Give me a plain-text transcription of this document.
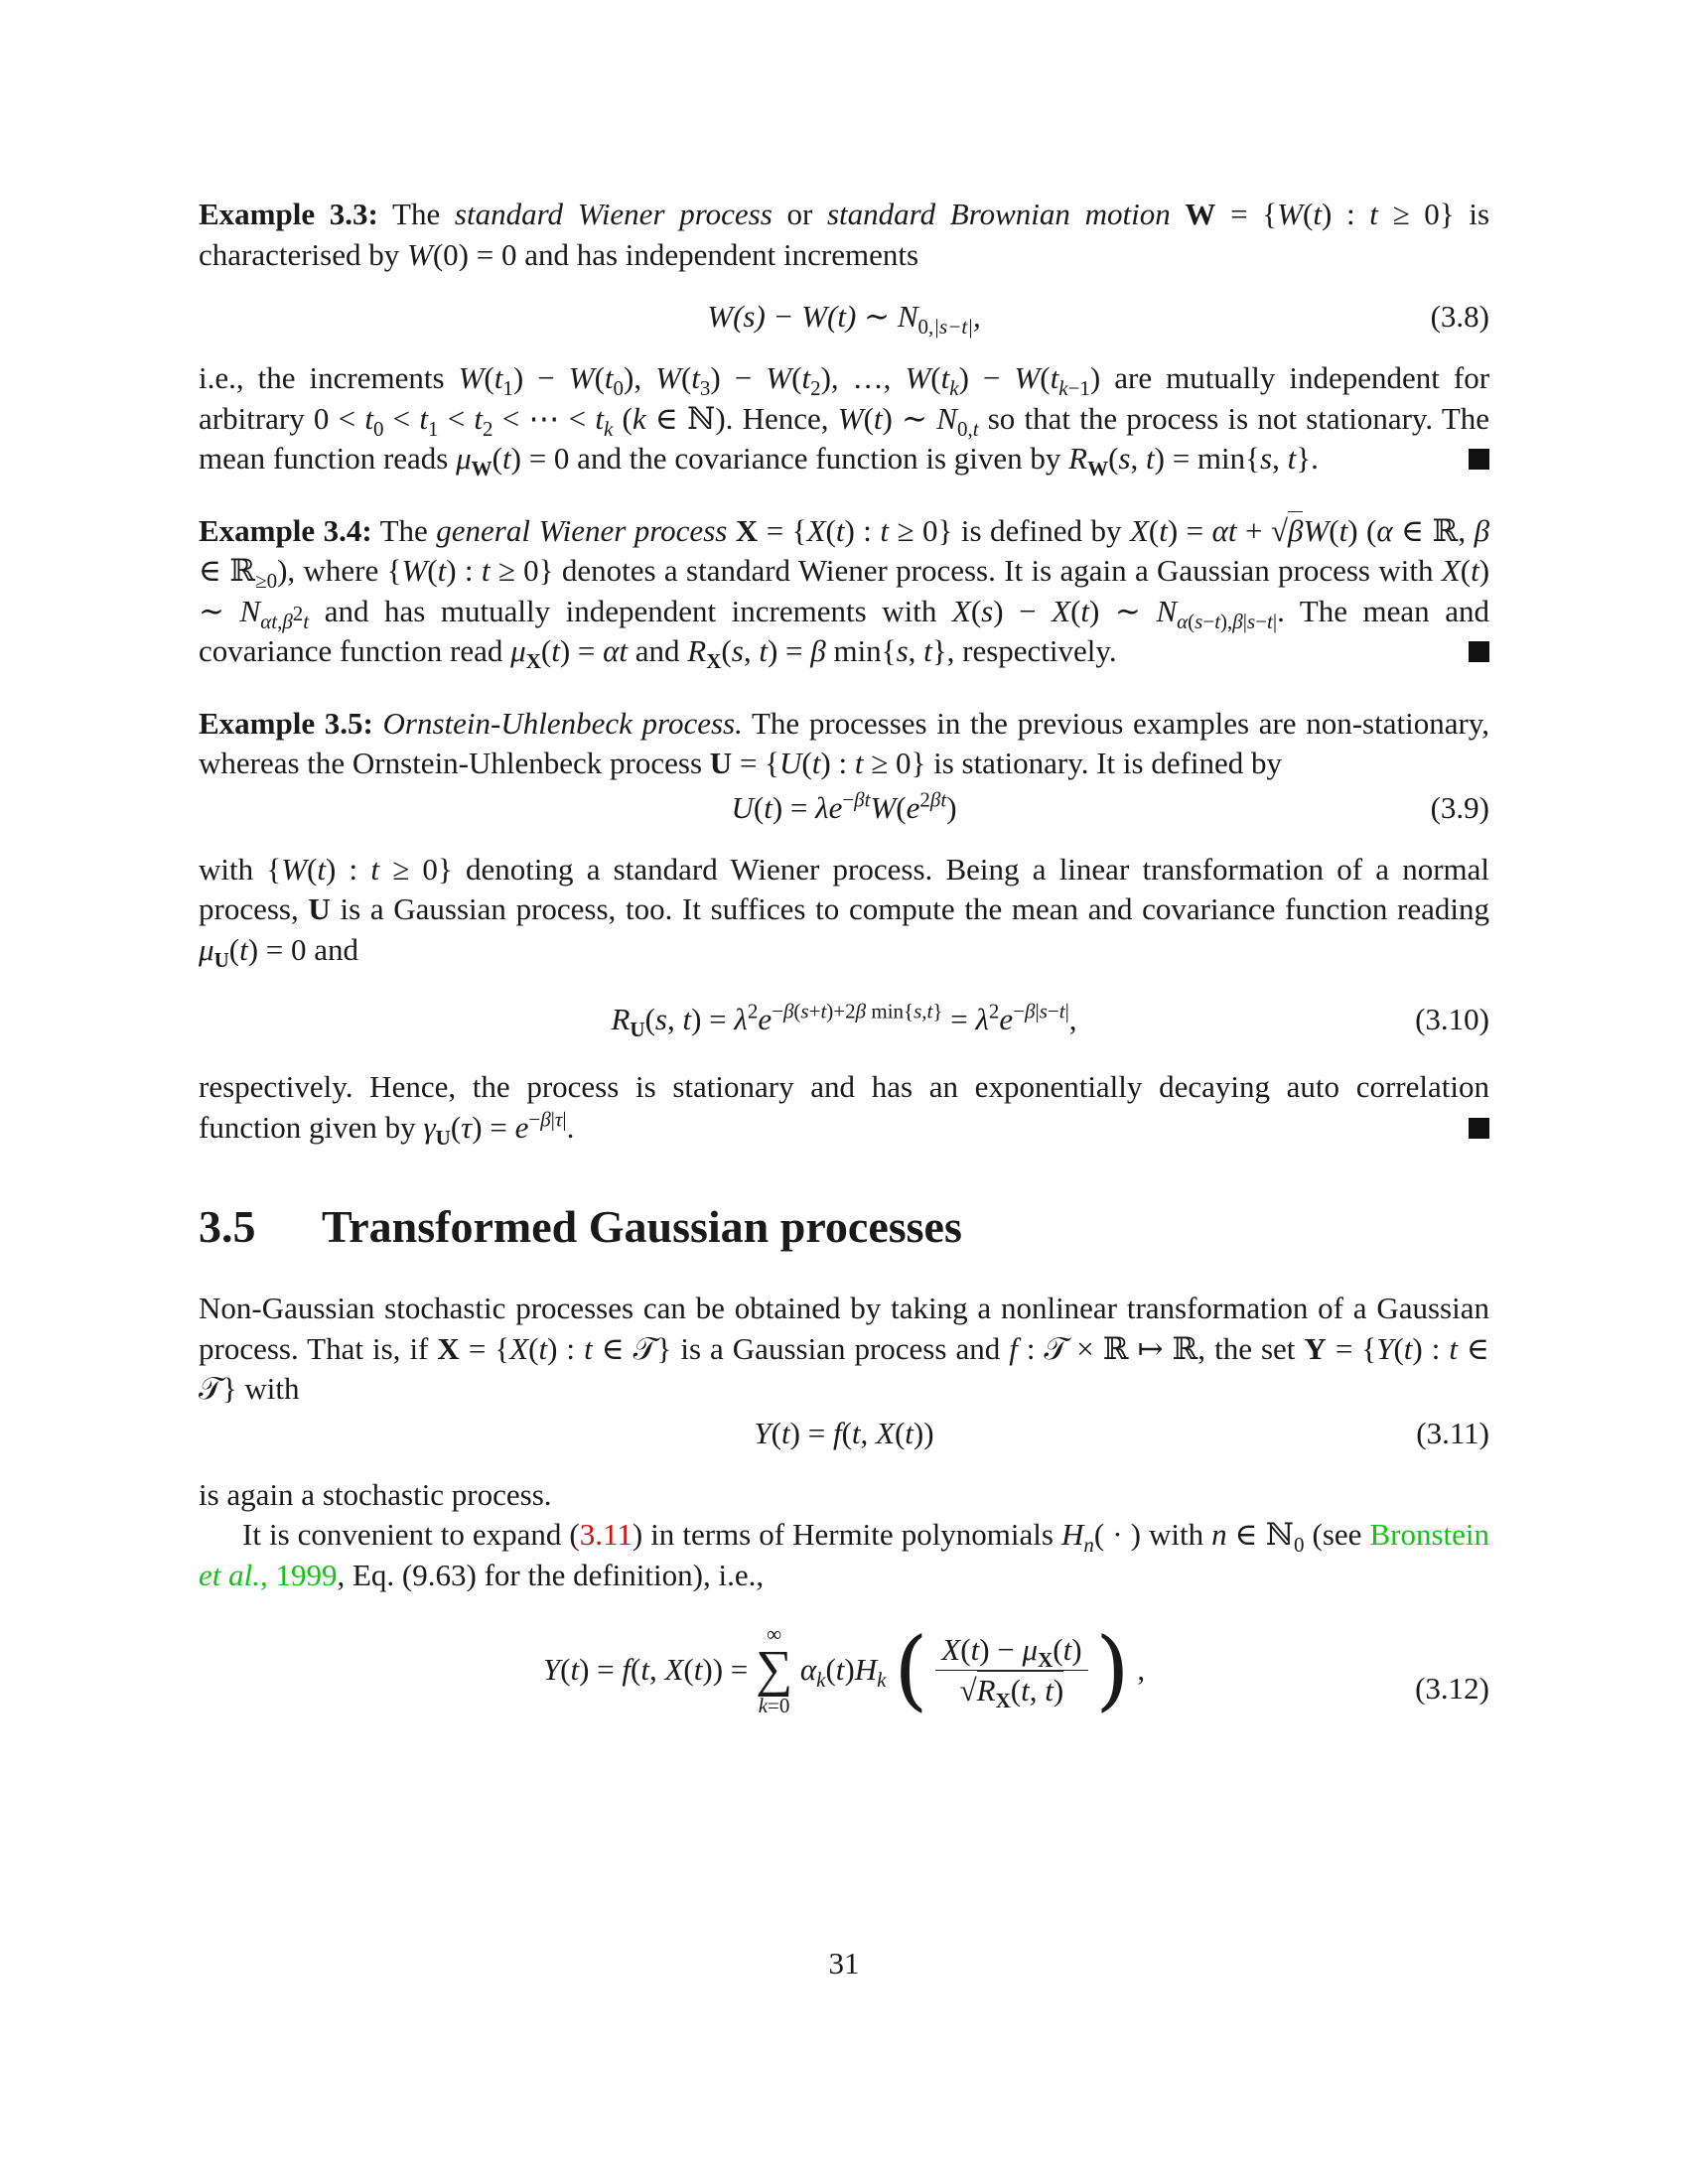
Example 3.3: The standard Wiener process or standard Brownian motion W = {W(t) : t ≥ 0} is characterised by W(0) = 0 and has independent increments

W(s) − W(t) ∼ $N_{0,|s-t|}$,	(3.8)

i.e., the increments $W(t_1) - W(t_0)$, $W(t_3) - W(t_2)$, …, $W(t_k) - W(t_{k-1})$ are mutually independent for arbitrary $0 < t_0 < t_1 < t_2$ < ⋯ < $t_k$ (k ∈ ℕ). Hence, W(t) ∼ $N_{0,t}$ so that the process is not stationary. The mean function reads $\mu_W(t) = 0$ and the covariance function is given by $R_W(s$, t) = min{s, t}.

Example 3.4: The general Wiener process X = {X(t) : t ≥ 0} is defined by X(t) = αt + √βW(t) (α ∈ ℝ, β ∈ ℝ$_{\ge 0}$), where {W(t) : t ≥ 0} denotes a standard Wiener process. It is again a Gaussian process with X(t) ∼ $N_{\alpha t,\beta^2t}$ and has mutually independent increments with X(s) − X(t) ∼ $N_{\alpha(s-t),\beta|s-t|}$. The mean and covariance function read $\mu_X(t) = \alpha t$ and $R_X(s$, t) = β min{s, t}, respectively.

Example 3.5: Ornstein-Uhlenbeck process. The processes in the previous examples are non-stationary, whereas the Ornstein-Uhlenbeck process U = {U(t) : t ≥ 0} is stationary. It is defined by

$U(t) = \lambda e^{-\beta t}W(e^{2\beta t})$	(3.9)

with {W(t) : t ≥ 0} denoting a standard Wiener process. Being a linear transformation of a normal process, U is a Gaussian process, too. It suffices to compute the mean and covariance function reading $\mu_U(t) = 0$ and

$R_U(s$, $t) = \lambda^2e^{-\beta(s+t)+2\beta min\{s,t\}} = \lambda^2e^{-\beta|s-t|}$,	(3.10)

respectively. Hence, the process is stationary and has an exponentially decaying auto correlation function given by $\gamma_U(\tau) = e^{-\beta|\tau|}$.

3.5 Transformed Gaussian processes

Non-Gaussian stochastic processes can be obtained by taking a nonlinear transformation of a Gaussian process. That is, if X = {X(t) : t ∈ 𝒯} is a Gaussian process and f : 𝒯 × ℝ ↦ ℝ, the set Y = {Y(t) : t ∈ 𝒯} with

Y(t) = f(t, X(t))	(3.11)

is again a stochastic process.

It is convenient to expand (3.11) in terms of Hermite polynomials $H_n$( · ) with n ∈ ℕ$_0$ (see Bronstein et al., 1999, Eq. (9.63) for the definition), i.e.,

Y(t) = f(t, X(t)) =
∞
∑
k=0
$\alpha_k(t)H_k$ ( $\frac{X(t) - \mu_X(t)}{√R_X(t, t)}$ ) ,
(3.12)
31
